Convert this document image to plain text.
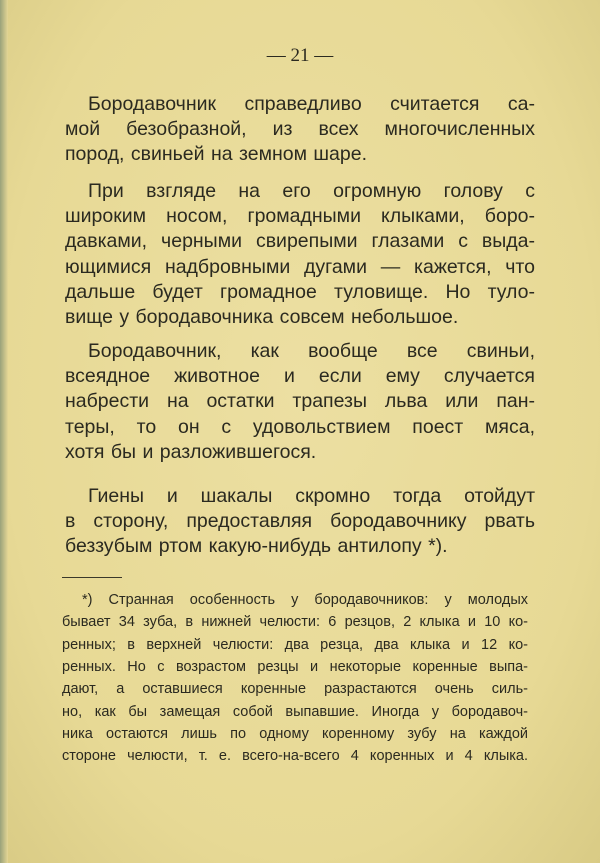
— 21 —
Бородавочник справедливо считается са-
мой безобразной, из всех многочисленных
пород, свиньей на земном шаре.
При взгляде на его огромную голову с
широким носом, громадными клыками, боро-
давками, черными свирепыми глазами с выда-
ющимися надбровными дугами — кажется, что
дальше будет громадное туловище. Но туло-
вище у бородавочника совсем небольшое.
Бородавочник, как вообще все свиньи,
всеядное животное и если ему случается
набрести на остатки трапезы льва или пан-
теры, то он с удовольствием поест мяса,
хотя бы и разложившегося.
Гиены и шакалы скромно тогда отойдут
в сторону, предоставляя бородавочнику рвать
беззубым ртом какую-нибудь антилопу *).
*) Странная особенность у бородавочников: у молодых
бывает 34 зуба, в нижней челюсти: 6 резцов, 2 клыка и 10 ко-
ренных; в верхней челюсти: два резца, два клыка и 12 ко-
ренных. Но с возрастом резцы и некоторые коренные выпа-
дают, а оставшиеся коренные разрастаются очень силь-
но, как бы замещая собой выпавшие. Иногда у бородавоч-
ника остаются лишь по одному коренному зубу на каждой
стороне челюсти, т. е. всего-на-всего 4 коренных и 4 клыка.
